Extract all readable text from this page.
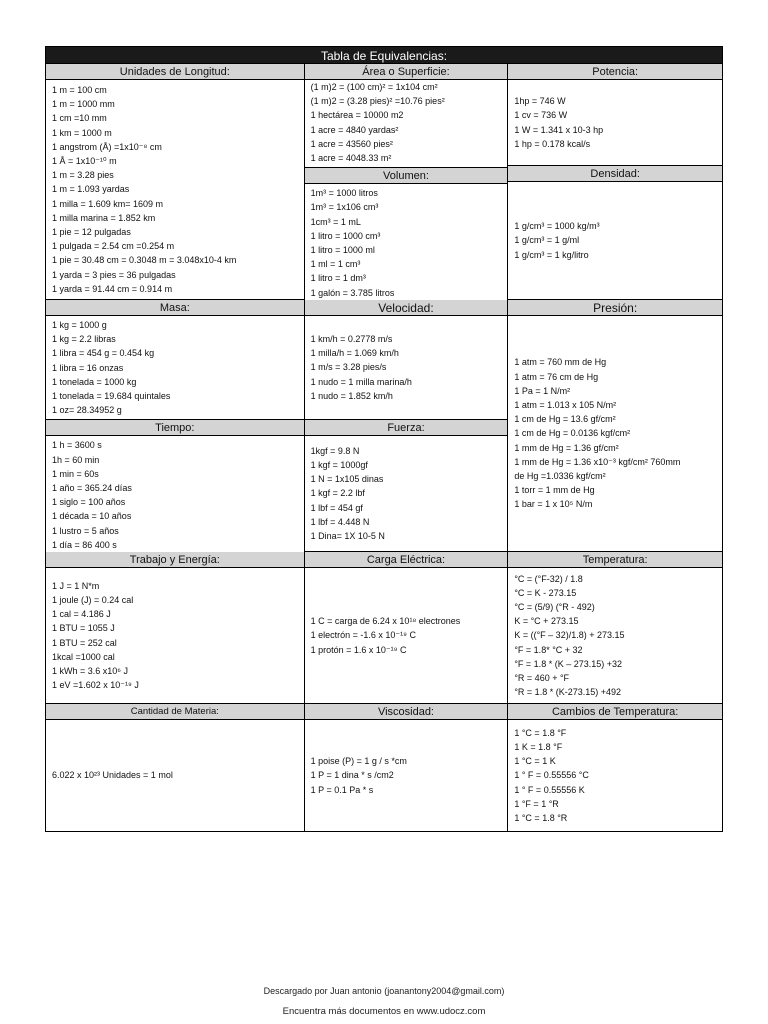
Tabla de Equivalencias:
Unidades de Longitud:
1 m = 100 cm
1 m = 1000 mm
1 cm =10 mm
1 km = 1000 m
1 angstrom (Å) =1x10⁻⁸ cm
1 Å = 1x10⁻¹⁰ m
1 m = 3.28 pies
1 m = 1.093 yardas
1 milla = 1.609 km= 1609 m
1 milla marina = 1.852 km
1 pie = 12 pulgadas
1 pulgada = 2.54 cm =0.254 m
1 pie = 30.48 cm = 0.3048 m = 3.048x10-4 km
1 yarda = 3 pies = 36 pulgadas
1 yarda = 91.44 cm = 0.914 m
Área o Superficie:
(1 m)2 = (100 cm)² = 1x104 cm²
(1 m)2 = (3.28 pies)² =10.76 pies²
1 hectárea = 10000 m2
1 acre = 4840 yardas²
1 acre = 43560 pies²
1 acre = 4048.33 m²
Volumen:
1m³ = 1000 litros
1m³ = 1x106 cm³
1cm³ = 1 mL
1 litro = 1000 cm³
1 litro = 1000 ml
1 ml = 1 cm³
1 litro = 1 dm³
1 galón = 3.785 litros
Potencia:
1hp = 746 W
1 cv = 736 W
1 W = 1.341 x 10-3 hp
1 hp = 0.178 kcal/s
Densidad:
1 g/cm³ = 1000 kg/m³
1 g/cm³ = 1 g/ml
1 g/cm³ = 1 kg/litro
Masa:
1 kg = 1000 g
1 kg = 2.2 libras
1 libra = 454 g = 0.454 kg
1 libra = 16 onzas
1 tonelada = 1000 kg
1 tonelada = 19.684 quintales
1 oz= 28.34952 g
Tiempo:
1 h = 3600 s
1h = 60 min
1 min = 60s
1 año = 365.24 días
1 siglo = 100 años
1 década = 10 años
1 lustro = 5 años
1 día = 86 400 s
Velocidad:
1 km/h = 0.2778 m/s
1 milla/h = 1.069 km/h
1 m/s = 3.28 pies/s
1 nudo = 1 milla marina/h
1 nudo = 1.852 km/h
Fuerza:
1kgf = 9.8 N
1 kgf = 1000gf
1 N = 1x105 dinas
1 kgf = 2.2 lbf
1 lbf = 454 gf
1 lbf = 4.448 N
1 Dina= 1X 10-5 N
Presión:
1 atm = 760 mm de Hg
1 atm = 76 cm de Hg
1 Pa = 1 N/m²
1 atm = 1.013 x 105 N/m²
1 cm de Hg = 13.6 gf/cm²
1 cm de Hg = 0.0136 kgf/cm²
1 mm de Hg = 1.36 gf/cm²
1 mm de Hg = 1.36 x10⁻³ kgf/cm² 760mm
de Hg =1.0336 kgf/cm²
1 torr = 1 mm de Hg
1 bar = 1 x 10⁵ N/m
Trabajo y Energía:
1 J = 1 N*m
1 joule (J) = 0.24 cal
1 cal = 4.186 J
1 BTU = 1055 J
1 BTU = 252 cal
1kcal =1000 cal
1 kWh = 3.6 x10⁶ J
1 eV =1.602 x 10⁻¹⁹ J
Carga Eléctrica:
1 C = carga de 6.24 x 10¹⁸ electrones
1 electrón = -1.6 x 10⁻¹⁹ C
1 protón = 1.6 x 10⁻¹⁹ C
Temperatura:
°C = (°F-32) / 1.8
°C = K - 273.15
°C = (5/9) (°R - 492)
K = °C + 273.15
K = ((°F – 32)/1.8) + 273.15
°F = 1.8* °C + 32
°F = 1.8 * (K – 273.15) +32
°R = 460 + °F
°R = 1.8 * (K-273.15) +492
Cantidad de Materia:
6.022 x 10²³ Unidades = 1 mol
Viscosidad:
1 poise (P) = 1 g / s *cm
1 P = 1 dina * s /cm2
1 P = 0.1 Pa * s
Cambios de Temperatura:
1 °C = 1.8 °F
1 K = 1.8 °F
1 °C = 1 K
1 ° F = 0.55556 °C
1 ° F = 0.55556 K
1 °F = 1 °R
1 °C = 1.8 °R
Descargado por Juan antonio (joanantony2004@gmail.com)
Encuentra más documentos en www.udocz.com
